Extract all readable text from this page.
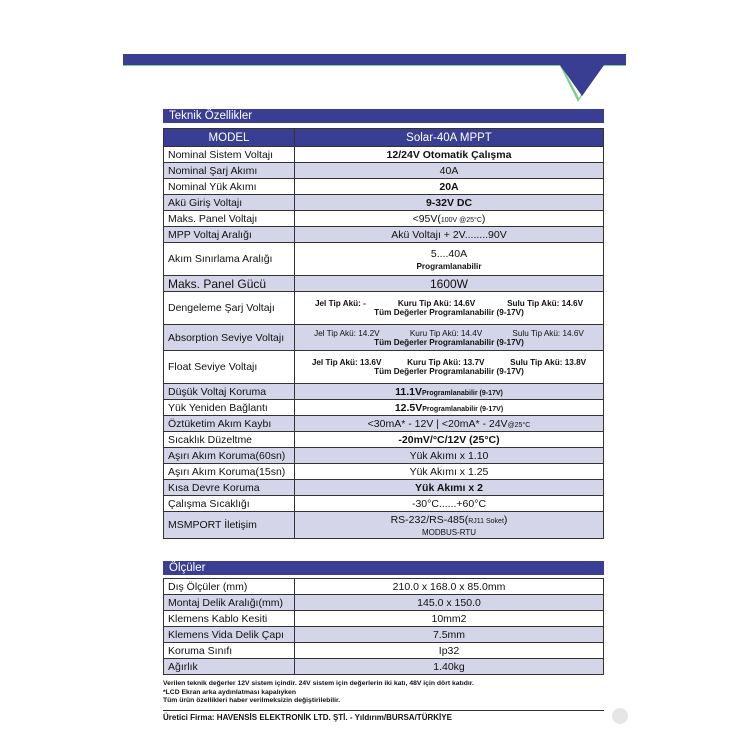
Teknik Özellikler
MODEL	Solar-40A MPPT
Nominal Sistem Voltajı	12/24V Otomatik Çalışma
Nominal Şarj Akımı	40A
Nominal Yük Akımı	20A
Akü Giriş Voltajı	9-32V DC
Maks. Panel Voltajı	<95V(100V @25°C)
MPP Voltaj Aralığı	Akü Voltajı + 2V........90V
Akım Sınırlama Aralığı	5....40A
Programlanabilir

Maks. Panel Gücü	1600W
Dengeleme Şarj Voltajı	Jel Tip Akü: - Kuru Tip Akü: 14.6V Sulu Tip Akü: 14.6V
Tüm Değerler Programlanabilir (9-17V)

Absorption Seviye Voltajı	Jel Tip Akü: 14.2V Kuru Tip Akü: 14.4V Sulu Tip Akü: 14.6V
Tüm Değerler Programlanabilir (9-17V)

Float Seviye Voltajı	Jel Tip Akü: 13.6V Kuru Tip Akü: 13.7V Sulu Tip Akü: 13.8V
Tüm Değerler Programlanabilir (9-17V)

Düşük Voltaj Koruma	11.1VProgramlanabilir (9-17V)
Yük Yeniden Bağlantı	12.5VProgramlanabilir (9-17V)
Öztüketim Akım Kaybı	<30mA* - 12V | <20mA* - 24V@25°C
Sıcaklık Düzeltme	-20mV/°C/12V (25°C)
Aşırı Akım Koruma(60sn)	Yük Akımı x 1.10
Aşırı Akım Koruma(15sn)	Yük Akımı x 1.25
Kısa Devre Koruma	Yük Akımı x 2
Çalışma Sıcaklığı	-30°C......+60°C
MSMPORT İletişim	RS-232/RS-485(RJ11 Soket)
MODBUS-RTU
Ölçüler
Dış Ölçüler (mm)	210.0 x 168.0 x 85.0mm
Montaj Delik Aralığı(mm)	145.0 x 150.0
Klemens Kablo Kesiti	10mm2
Klemens Vida Delik Çapı	7.5mm
Koruma Sınıfı	Ip32
Ağırlık	1.40kg
Verilen teknik değerler 12V sistem içindir. 24V sistem için değerlerin iki katı, 48V için dört katıdır.
*LCD Ekran arka aydınlatması kapalıyken
Tüm ürün özellikleri haber verilmeksizin değiştirilebilir.
Üretici Firma: HAVENSİS ELEKTRONİK LTD. ŞTİ. - Yıldırım/BURSA/TÜRKİYE
